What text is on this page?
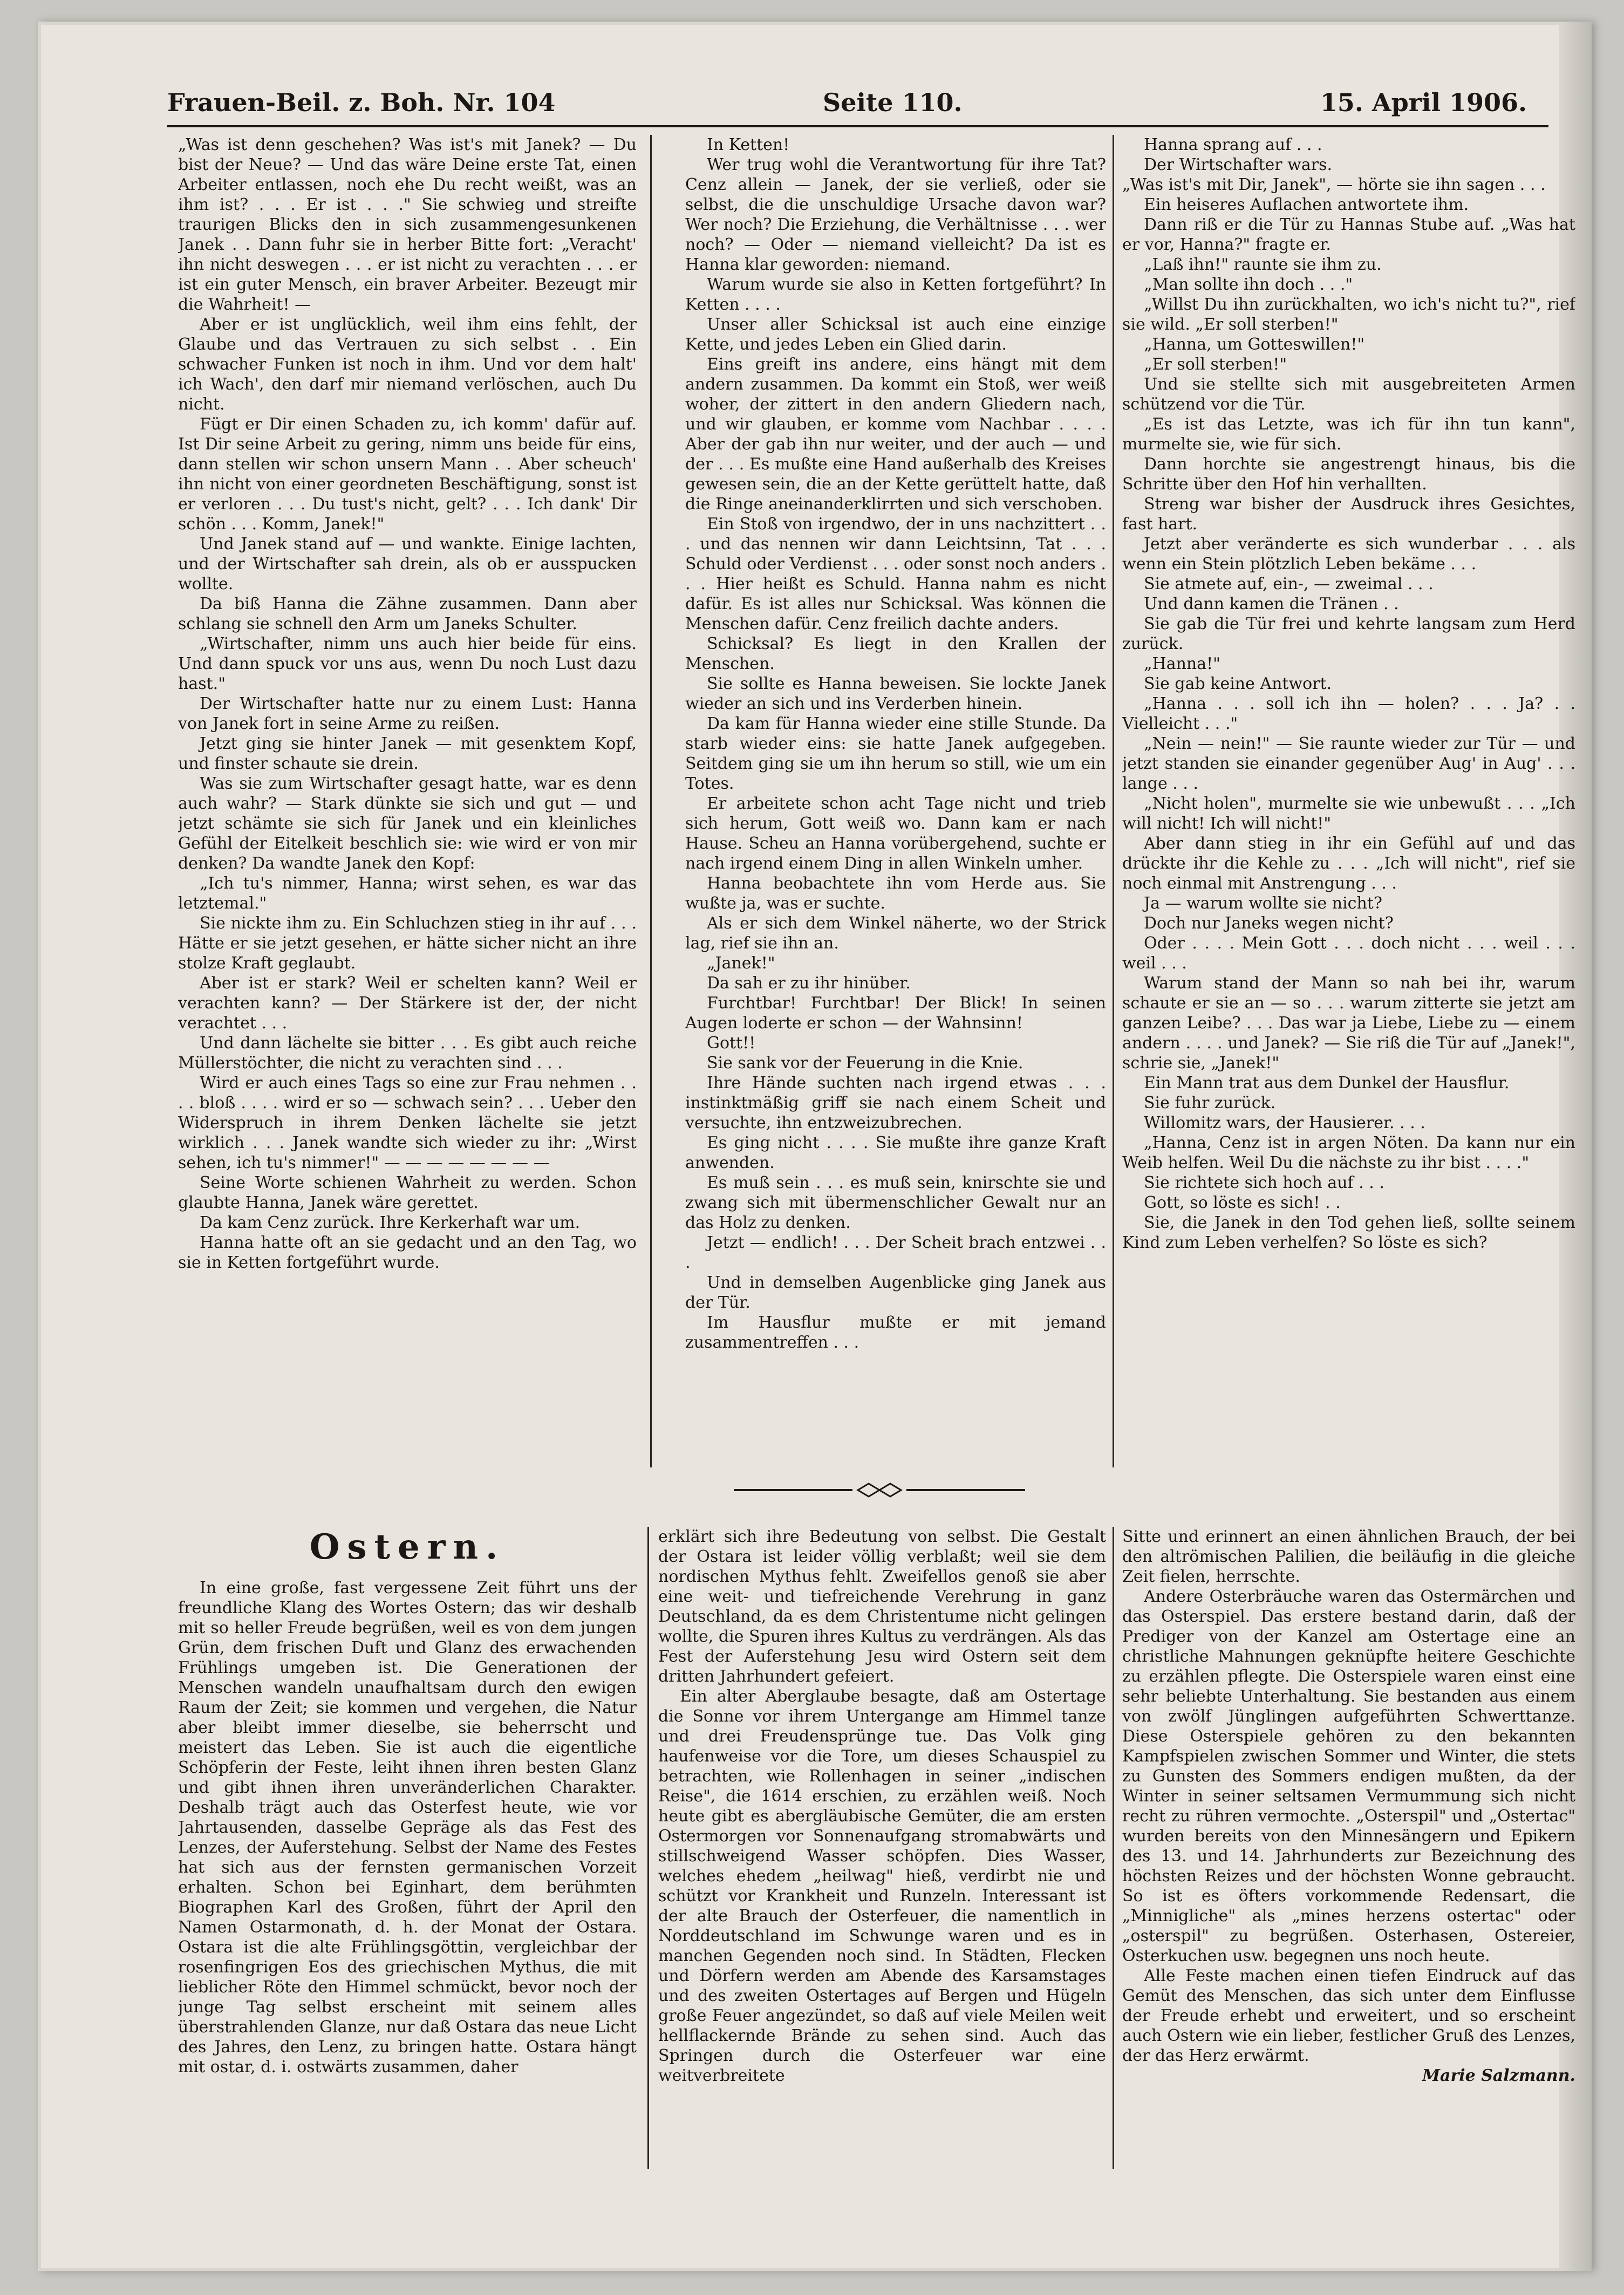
Frauen-Beil. z. Boh. Nr. 104	Seite 110.	15. April 1906.

„Was ist denn geschehen? Was ist's mit Janek? — Du bist der Neue? — Und das wäre Deine erste Tat, einen Arbeiter entlassen, noch ehe Du recht weißt, was an ihm ist? . . . Er ist . . ." Sie schwieg und streifte traurigen Blicks den in sich zusammengesunkenen Janek . . Dann fuhr sie in herber Bitte fort: „Veracht' ihn nicht deswegen . . . er ist nicht zu verachten . . . er ist ein guter Mensch, ein braver Arbeiter. Bezeugt mir die Wahrheit! —

Aber er ist unglücklich, weil ihm eins fehlt, der Glaube und das Vertrauen zu sich selbst . . Ein schwacher Funken ist noch in ihm. Und vor dem halt' ich Wach', den darf mir niemand verlöschen, auch Du nicht.

Fügt er Dir einen Schaden zu, ich komm' dafür auf. Ist Dir seine Arbeit zu gering, nimm uns beide für eins, dann stellen wir schon unsern Mann . . Aber scheuch' ihn nicht von einer geordneten Beschäftigung, sonst ist er verloren . . . Du tust's nicht, gelt? . . . Ich dank' Dir schön . . . Komm, Janek!"

Und Janek stand auf — und wankte. Einige lachten, und der Wirtschafter sah drein, als ob er ausspucken wollte.

Da biß Hanna die Zähne zusammen. Dann aber schlang sie schnell den Arm um Janeks Schulter.

„Wirtschafter, nimm uns auch hier beide für eins. Und dann spuck vor uns aus, wenn Du noch Lust dazu hast."

Der Wirtschafter hatte nur zu einem Lust: Hanna von Janek fort in seine Arme zu reißen.

Jetzt ging sie hinter Janek — mit gesenktem Kopf, und finster schaute sie drein.

Was sie zum Wirtschafter gesagt hatte, war es denn auch wahr? — Stark dünkte sie sich und gut — und jetzt schämte sie sich für Janek und ein kleinliches Gefühl der Eitelkeit beschlich sie: wie wird er von mir denken? Da wandte Janek den Kopf:

„Ich tu's nimmer, Hanna; wirst sehen, es war das letztemal."

Sie nickte ihm zu. Ein Schluchzen stieg in ihr auf . . . Hätte er sie jetzt gesehen, er hätte sicher nicht an ihre stolze Kraft geglaubt.

Aber ist er stark? Weil er schelten kann? Weil er verachten kann? — Der Stärkere ist der, der nicht verachtet . . .

Und dann lächelte sie bitter . . . Es gibt auch reiche Müllerstöchter, die nicht zu verachten sind . . .

Wird er auch eines Tags so eine zur Frau nehmen . . . . bloß . . . . wird er so — schwach sein? . . . Ueber den Widerspruch in ihrem Denken lächelte sie jetzt wirklich . . . Janek wandte sich wieder zu ihr: „Wirst sehen, ich tu's nimmer!" — — — — — — — —

Seine Worte schienen Wahrheit zu werden. Schon glaubte Hanna, Janek wäre gerettet.

Da kam Cenz zurück. Ihre Kerkerhaft war um.

Hanna hatte oft an sie gedacht und an den Tag, wo sie in Ketten fortgeführt wurde.

In Ketten!

Wer trug wohl die Verantwortung für ihre Tat? Cenz allein — Janek, der sie verließ, oder sie selbst, die die unschuldige Ursache davon war? Wer noch? Die Erziehung, die Verhältnisse . . . wer noch? — Oder — niemand vielleicht? Da ist es Hanna klar geworden: niemand.

Warum wurde sie also in Ketten fortgeführt? In Ketten . . . .

Unser aller Schicksal ist auch eine einzige Kette, und jedes Leben ein Glied darin.

Eins greift ins andere, eins hängt mit dem andern zusammen. Da kommt ein Stoß, wer weiß woher, der zittert in den andern Gliedern nach, und wir glauben, er komme vom Nachbar . . . . Aber der gab ihn nur weiter, und der auch — und der . . . Es mußte eine Hand außerhalb des Kreises gewesen sein, die an der Kette gerüttelt hatte, daß die Ringe aneinanderklirrten und sich verschoben.

Ein Stoß von irgendwo, der in uns nachzittert . . . und das nennen wir dann Leichtsinn, Tat . . . Schuld oder Verdienst . . . oder sonst noch anders . . . Hier heißt es Schuld. Hanna nahm es nicht dafür. Es ist alles nur Schicksal. Was können die Menschen dafür. Cenz freilich dachte anders.

Schicksal? Es liegt in den Krallen der Menschen.

Sie sollte es Hanna beweisen. Sie lockte Janek wieder an sich und ins Verderben hinein.

Da kam für Hanna wieder eine stille Stunde. Da starb wieder eins: sie hatte Janek aufgegeben. Seitdem ging sie um ihn herum so still, wie um ein Totes.

Er arbeitete schon acht Tage nicht und trieb sich herum, Gott weiß wo. Dann kam er nach Hause. Scheu an Hanna vorübergehend, suchte er nach irgend einem Ding in allen Winkeln umher.

Hanna beobachtete ihn vom Herde aus. Sie wußte ja, was er suchte.

Als er sich dem Winkel näherte, wo der Strick lag, rief sie ihn an.

„Janek!"

Da sah er zu ihr hinüber.

Furchtbar! Furchtbar! Der Blick! In seinen Augen loderte er schon — der Wahnsinn!

Gott!!

Sie sank vor der Feuerung in die Knie.

Ihre Hände suchten nach irgend etwas . . . instinktmäßig griff sie nach einem Scheit und versuchte, ihn entzweizubrechen.

Es ging nicht . . . . Sie mußte ihre ganze Kraft anwenden.

Es muß sein . . . es muß sein, knirschte sie und zwang sich mit übermenschlicher Gewalt nur an das Holz zu denken.

Jetzt — endlich! . . . Der Scheit brach entzwei . . .

Und in demselben Augenblicke ging Janek aus der Tür.

Im Hausflur mußte er mit jemand zusammentreffen . . .

Hanna sprang auf . . .

Der Wirtschafter wars.

„Was ist's mit Dir, Janek", — hörte sie ihn sagen . . .

Ein heiseres Auflachen antwortete ihm.

Dann riß er die Tür zu Hannas Stube auf. „Was hat er vor, Hanna?" fragte er.

„Laß ihn!" raunte sie ihm zu.

„Man sollte ihn doch . . ."

„Willst Du ihn zurückhalten, wo ich's nicht tu?", rief sie wild. „Er soll sterben!"

„Hanna, um Gotteswillen!"

„Er soll sterben!"

Und sie stellte sich mit ausgebreiteten Armen schützend vor die Tür.

„Es ist das Letzte, was ich für ihn tun kann", murmelte sie, wie für sich.

Dann horchte sie angestrengt hinaus, bis die Schritte über den Hof hin verhallten.

Streng war bisher der Ausdruck ihres Gesichtes, fast hart.

Jetzt aber veränderte es sich wunderbar . . . als wenn ein Stein plötzlich Leben bekäme . . .

Sie atmete auf, ein-, — zweimal . . .

Und dann kamen die Tränen . .

Sie gab die Tür frei und kehrte langsam zum Herd zurück.

„Hanna!"

Sie gab keine Antwort.

„Hanna . . . soll ich ihn — holen? . . . Ja? . . Vielleicht . . ."

„Nein — nein!" — Sie raunte wieder zur Tür — und jetzt standen sie einander gegenüber Aug' in Aug' . . . lange . . .

„Nicht holen", murmelte sie wie unbewußt . . . „Ich will nicht! Ich will nicht!"

Aber dann stieg in ihr ein Gefühl auf und das drückte ihr die Kehle zu . . . „Ich will nicht", rief sie noch einmal mit Anstrengung . . .

Ja — warum wollte sie nicht?

Doch nur Janeks wegen nicht?

Oder . . . . Mein Gott . . . doch nicht . . . weil . . . weil . . .

Warum stand der Mann so nah bei ihr, warum schaute er sie an — so . . . warum zitterte sie jetzt am ganzen Leibe? . . . Das war ja Liebe, Liebe zu — einem andern . . . . und Janek? — Sie riß die Tür auf „Janek!", schrie sie, „Janek!"

Ein Mann trat aus dem Dunkel der Hausflur.

Sie fuhr zurück.

Willomitz wars, der Hausierer. . . .

„Hanna, Cenz ist in argen Nöten. Da kann nur ein Weib helfen. Weil Du die nächste zu ihr bist . . . ."

Sie richtete sich hoch auf . . .

Gott, so löste es sich! . .

Sie, die Janek in den Tod gehen ließ, sollte seinem Kind zum Leben verhelfen? So löste es sich?

Ostern.

In eine große, fast vergessene Zeit führt uns der freundliche Klang des Wortes Ostern; das wir deshalb mit so heller Freude begrüßen, weil es von dem jungen Grün, dem frischen Duft und Glanz des erwachenden Frühlings umgeben ist. Die Generationen der Menschen wandeln unaufhaltsam durch den ewigen Raum der Zeit; sie kommen und vergehen, die Natur aber bleibt immer dieselbe, sie beherrscht und meistert das Leben. Sie ist auch die eigentliche Schöpferin der Feste, leiht ihnen ihren besten Glanz und gibt ihnen ihren unveränderlichen Charakter. Deshalb trägt auch das Osterfest heute, wie vor Jahrtausenden, dasselbe Gepräge als das Fest des Lenzes, der Auferstehung. Selbst der Name des Festes hat sich aus der fernsten germanischen Vorzeit erhalten. Schon bei Eginhart, dem berühmten Biographen Karl des Großen, führt der April den Namen Ostarmonath, d. h. der Monat der Ostara. Ostara ist die alte Frühlingsgöttin, vergleichbar der rosenfingrigen Eos des griechischen Mythus, die mit lieblicher Röte den Himmel schmückt, bevor noch der junge Tag selbst erscheint mit seinem alles überstrahlenden Glanze, nur daß Ostara das neue Licht des Jahres, den Lenz, zu bringen hatte. Ostara hängt mit ostar, d. i. ostwärts zusammen, daher

erklärt sich ihre Bedeutung von selbst. Die Gestalt der Ostara ist leider völlig verblaßt; weil sie dem nordischen Mythus fehlt. Zweifellos genoß sie aber eine weit- und tiefreichende Verehrung in ganz Deutschland, da es dem Christentume nicht gelingen wollte, die Spuren ihres Kultus zu verdrängen. Als das Fest der Auferstehung Jesu wird Ostern seit dem dritten Jahrhundert gefeiert.

Ein alter Aberglaube besagte, daß am Ostertage die Sonne vor ihrem Untergange am Himmel tanze und drei Freudensprünge tue. Das Volk ging haufenweise vor die Tore, um dieses Schauspiel zu betrachten, wie Rollenhagen in seiner „indischen Reise", die 1614 erschien, zu erzählen weiß. Noch heute gibt es abergläubische Gemüter, die am ersten Ostermorgen vor Sonnenaufgang stromabwärts und stillschweigend Wasser schöpfen. Dies Wasser, welches ehedem „heilwag" hieß, verdirbt nie und schützt vor Krankheit und Runzeln. Interessant ist der alte Brauch der Osterfeuer, die namentlich in Norddeutschland im Schwunge waren und es in manchen Gegenden noch sind. In Städten, Flecken und Dörfern werden am Abende des Karsamstages und des zweiten Ostertages auf Bergen und Hügeln große Feuer angezündet, so daß auf viele Meilen weit hellflackernde Brände zu sehen sind. Auch das Springen durch die Osterfeuer war eine weitverbreitete

Sitte und erinnert an einen ähnlichen Brauch, der bei den altrömischen Palilien, die beiläufig in die gleiche Zeit fielen, herrschte.

Andere Osterbräuche waren das Ostermärchen und das Osterspiel. Das erstere bestand darin, daß der Prediger von der Kanzel am Ostertage eine an christliche Mahnungen geknüpfte heitere Geschichte zu erzählen pflegte. Die Osterspiele waren einst eine sehr beliebte Unterhaltung. Sie bestanden aus einem von zwölf Jünglingen aufgeführten Schwerttanze. Diese Osterspiele gehören zu den bekannten Kampfspielen zwischen Sommer und Winter, die stets zu Gunsten des Sommers endigen mußten, da der Winter in seiner seltsamen Vermummung sich nicht recht zu rühren vermochte. „Osterspil" und „Ostertac" wurden bereits von den Minnesängern und Epikern des 13. und 14. Jahrhunderts zur Bezeichnung des höchsten Reizes und der höchsten Wonne gebraucht. So ist es öfters vorkommende Redensart, die „Minnigliche" als „mines herzens ostertac" oder „osterspil" zu begrüßen. Osterhasen, Ostereier, Osterkuchen usw. begegnen uns noch heute.

Alle Feste machen einen tiefen Eindruck auf das Gemüt des Menschen, das sich unter dem Einflusse der Freude erhebt und erweitert, und so erscheint auch Ostern wie ein lieber, festlicher Gruß des Lenzes, der das Herz erwärmt.

Marie Salzmann.
